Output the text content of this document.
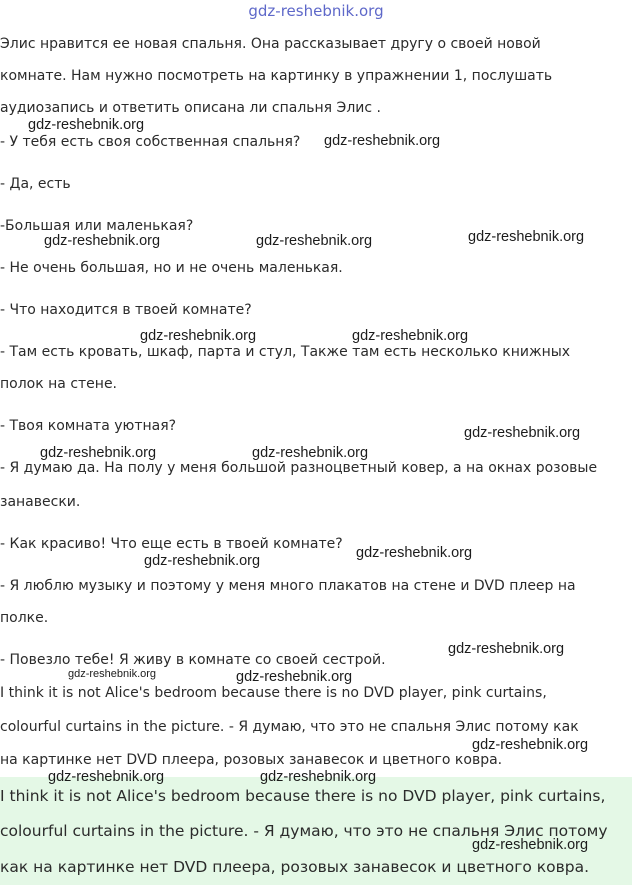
gdz-reshebnik.org

Элис нравится ее новая спальня. Она рассказывает другу о своей новой

комнате. Нам нужно посмотреть на картинку в упражнении 1, послушать

аудиозапись и ответить описана ли спальня Элис .

- У тебя есть своя собственная спальня?

- Да, есть

-Большая или маленькая?

- Не очень большая, но и не очень маленькая.

- Что находится в твоей комнате?

- Там есть кровать, шкаф, парта и стул, Также там есть несколько книжных

полок на стене.

- Твоя комната уютная?

- Я думаю да. На полу у меня большой разноцветный ковер, а на окнах розовые

занавески.

- Как красиво! Что еще есть в твоей комнате?

- Я люблю музыку и поэтому у меня много плакатов на стене и DVD плеер на

полке.

- Повезло тебе! Я живу в комнате со своей сестрой.

I think it is not Alice's bedroom because there is no DVD player, pink curtains,

colourful curtains in the picture. - Я думаю, что это не спальня Элис потому как

на картинке нет DVD плеера, розовых занавесок и цветного ковра.

I think it is not Alice's bedroom because there is no DVD player, pink curtains,

colourful curtains in the picture. - Я думаю, что это не спальня Элис потому

как на картинке нет DVD плеера, розовых занавесок и цветного ковра.

gdz-reshebnik.org
gdz-reshebnik.org
gdz-reshebnik.org	gdz-reshebnik.org	gdz-reshebnik.org
gdz-reshebnik.org	gdz-reshebnik.org
gdz-reshebnik.org
gdz-reshebnik.org	gdz-reshebnik.org
gdz-reshebnik.org
gdz-reshebnik.org
gdz-reshebnik.org
gdz-reshebnik.org	gdz-reshebnik.org
gdz-reshebnik.org
gdz-reshebnik.org	gdz-reshebnik.org
gdz-reshebnik.org
